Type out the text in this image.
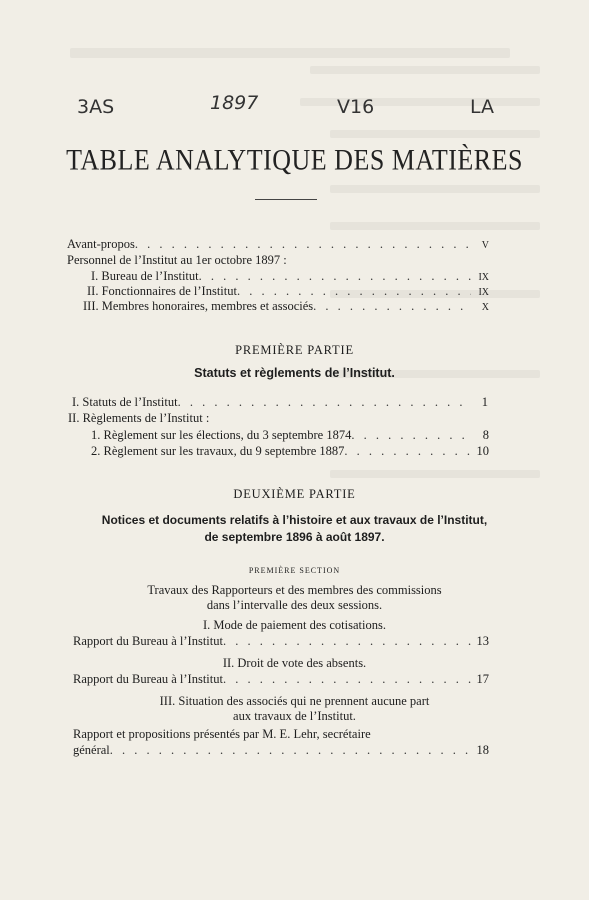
3AS	1897	V16	LA
TABLE ANALYTIQUE DES MATIÈRES
Avant-propos . . .	V
Personnel de l’Institut au 1er octobre 1897 :
I. Bureau de l’Institut . . .	IX
II. Fonctionnaires de l’Institut . . .	IX
III. Membres honoraires, membres et associés . . .	X
PREMIÈRE PARTIE
Statuts et règlements de l’Institut.
I. Statuts de l’Institut . . .	1
II. Règlements de l’Institut :
1. Règlement sur les élections, du 3 septembre 1874 . . .	8
2. Règlement sur les travaux, du 9 septembre 1887 . . .	10
DEUXIÈME PARTIE
Notices et documents relatifs à l’histoire et aux travaux de l’Institut,
de septembre 1896 à août 1897.
PREMIÈRE SECTION
Travaux des Rapporteurs et des membres des commissions
dans l’intervalle des deux sessions.
I. Mode de paiement des cotisations.
Rapport du Bureau à l’Institut . . .	13
II. Droit de vote des absents.
Rapport du Bureau à l’Institut . . .	17
III. Situation des associés qui ne prennent aucune part
aux travaux de l’Institut.
Rapport et propositions présentés par M. E. Lehr, secrétaire
général . . .	18
